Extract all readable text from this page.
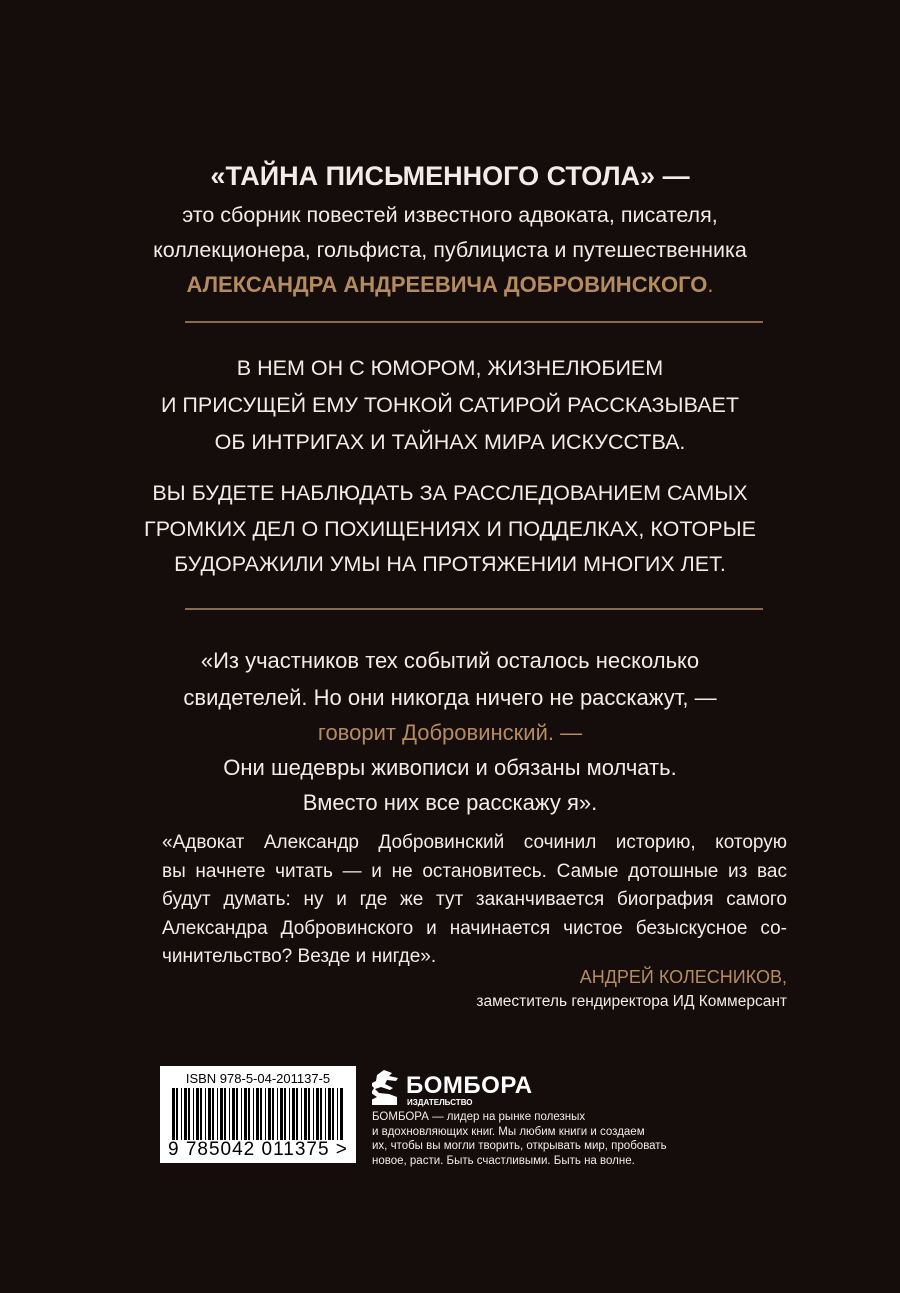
«ТАЙНА ПИСЬМЕННОГО СТОЛА» —
это сборник повестей известного адвоката, писателя,
коллекционера, гольфиста, публициста и путешественника
АЛЕКСАНДРА АНДРЕЕВИЧА ДОБРОВИНСКОГО.
В НЕМ ОН С ЮМОРОМ, ЖИЗНЕЛЮБИЕМ
И ПРИСУЩЕЙ ЕМУ ТОНКОЙ САТИРОЙ РАССКАЗЫВАЕТ
ОБ ИНТРИГАХ И ТАЙНАХ МИРА ИСКУССТВА.
ВЫ БУДЕТЕ НАБЛЮДАТЬ ЗА РАССЛЕДОВАНИЕМ САМЫХ
ГРОМКИХ ДЕЛ О ПОХИЩЕНИЯХ И ПОДДЕЛКАХ, КОТОРЫЕ
БУДОРАЖИЛИ УМЫ НА ПРОТЯЖЕНИИ МНОГИХ ЛЕТ.
«Из участников тех событий осталось несколько
свидетелей. Но они никогда ничего не расскажут, —
говорит Добровинский. —
Они шедевры живописи и обязаны молчать.
Вместо них все расскажу я».
«Адвокат Александр Добровинский сочинил историю, которую
вы начнете читать — и не остановитесь. Самые дотошные из вас
будут думать: ну и где же тут заканчивается биография самого
Александра Добровинского и начинается чистое безыскусное со-
чинительство? Везде и нигде».
АНДРЕЙ КОЛЕСНИКОВ,
заместитель гендиректора ИД Коммерсант
ISBN 978-5-04-201137-5
9 785042 011375 >
БОМБОРА
ИЗДАТЕЛЬСТВО
БОМБОРА — лидер на рынке полезных
и вдохновляющих книг. Мы любим книги и создаем
их, чтобы вы могли творить, открывать мир, пробовать
новое, расти. Быть счастливыми. Быть на волне.
